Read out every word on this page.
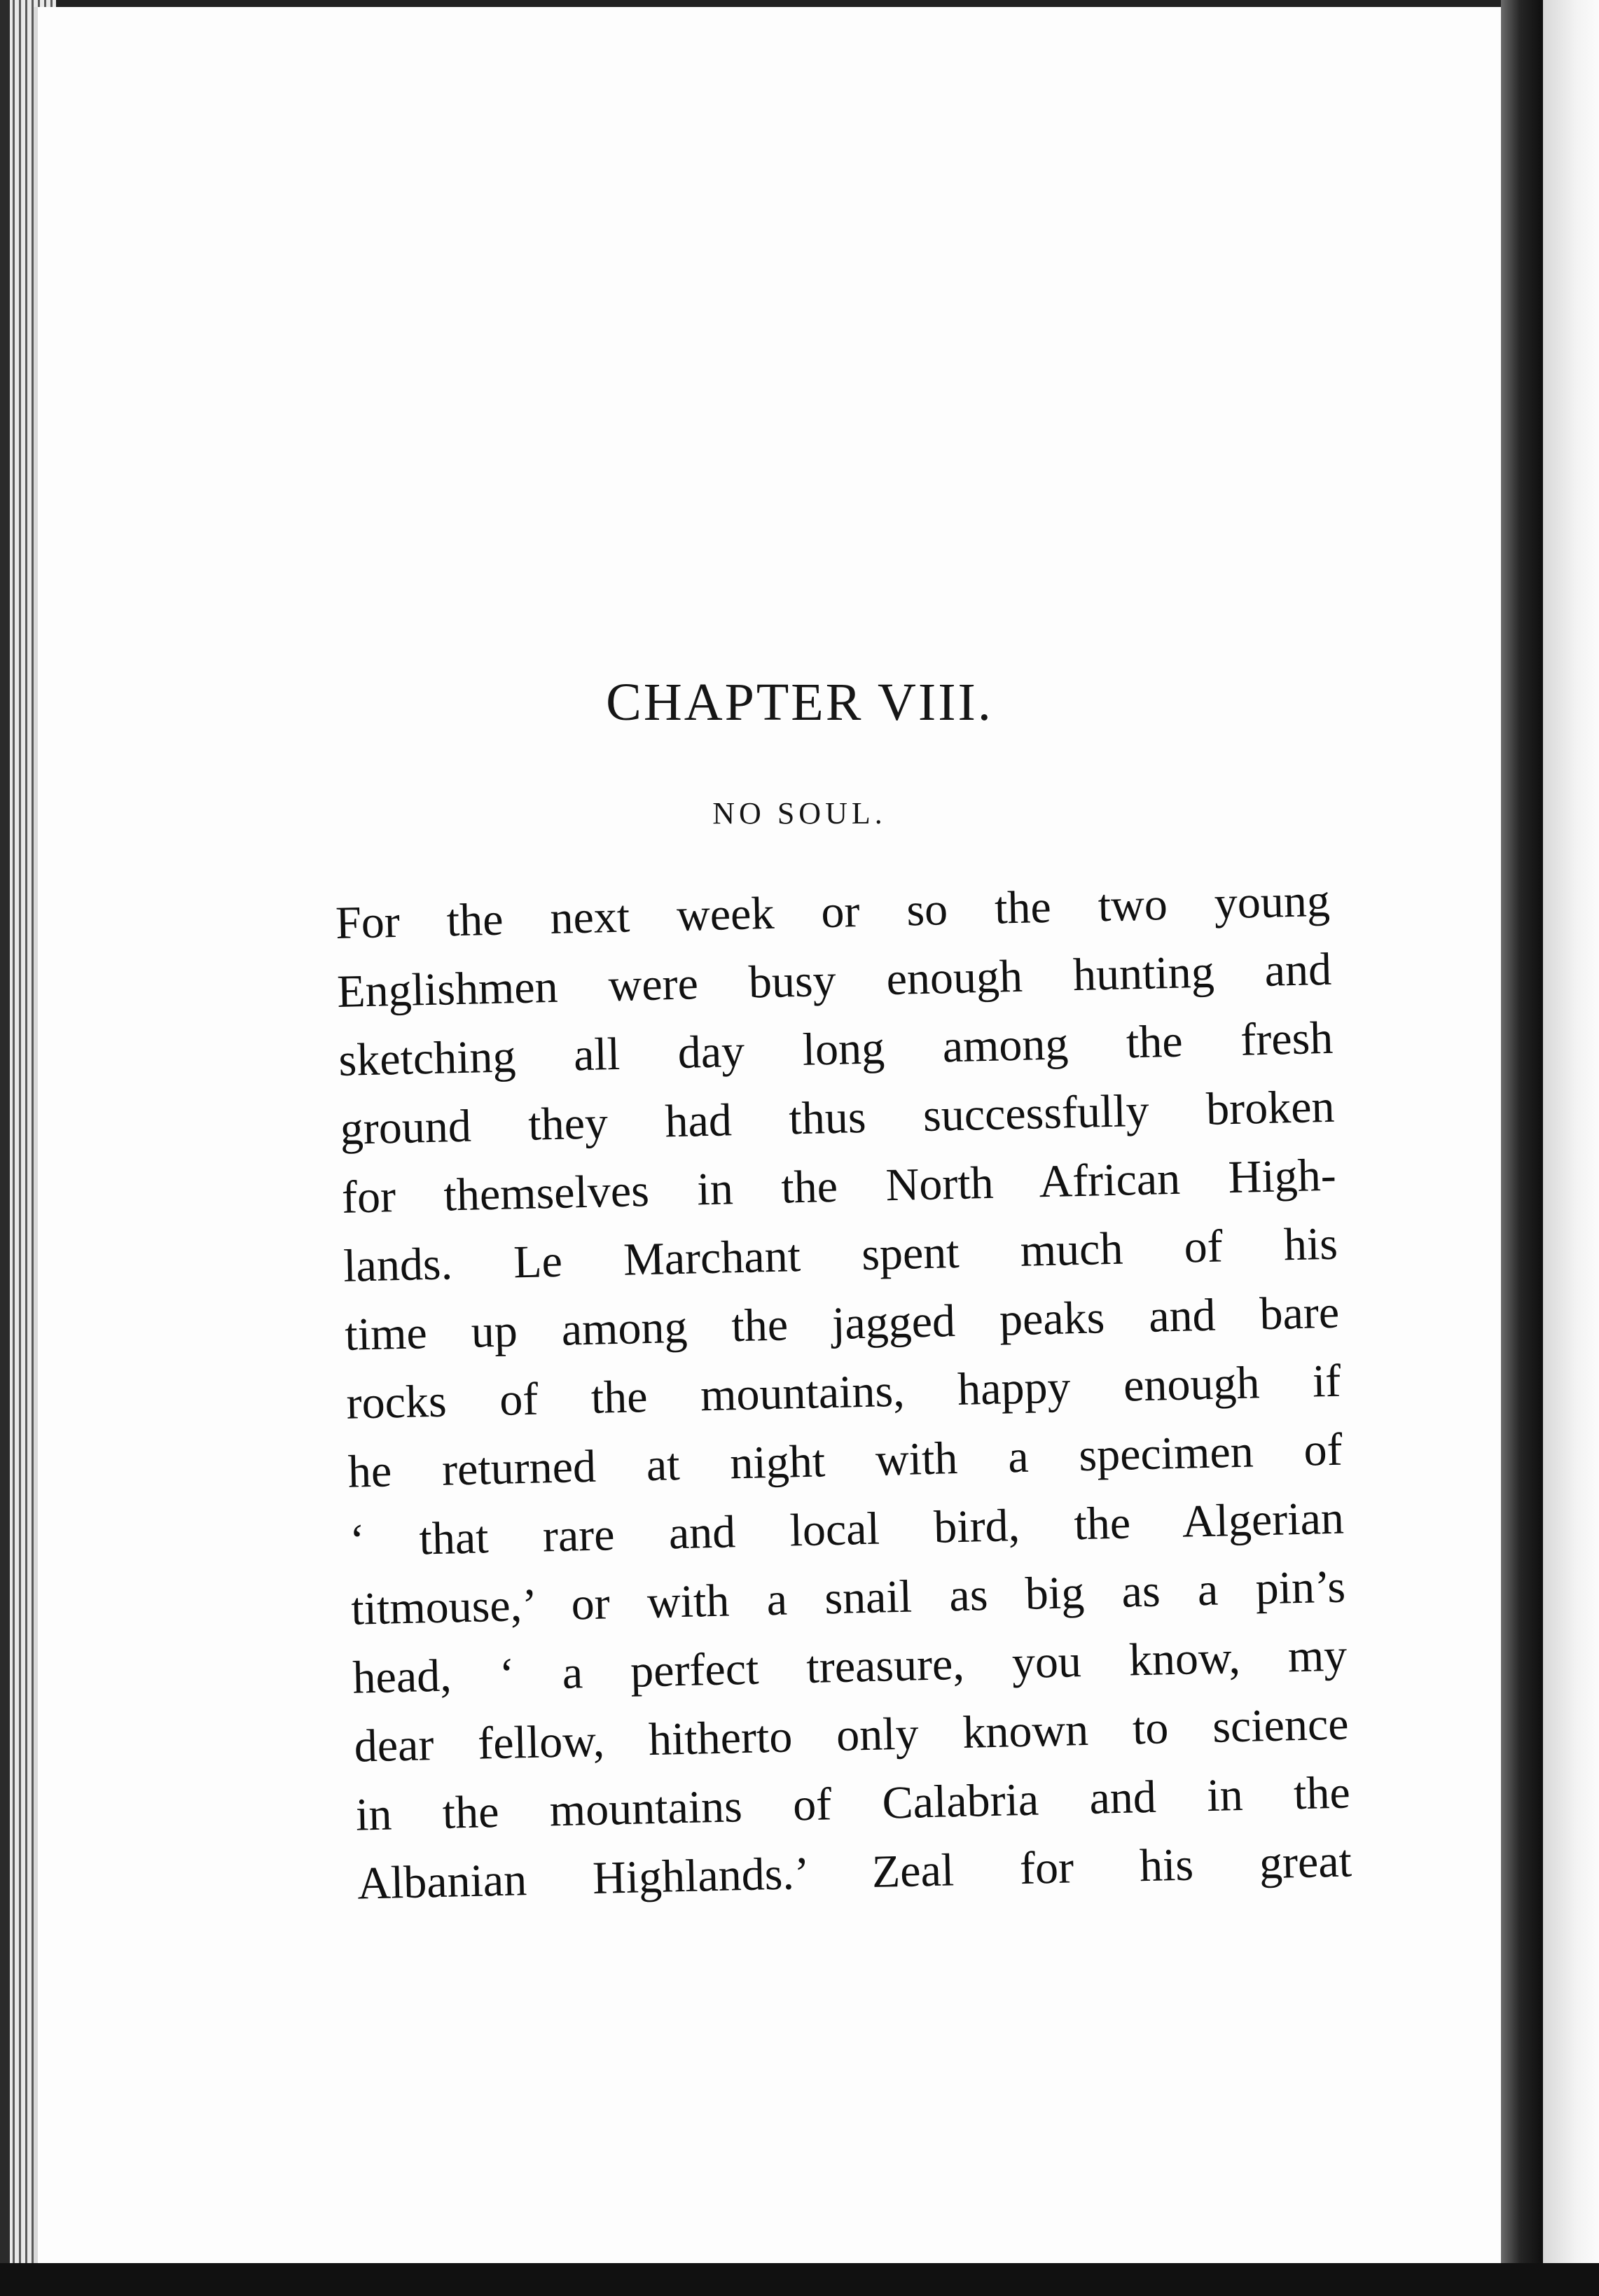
CHAPTER VIII.
NO SOUL.
For the next week or so the two young
Englishmen were busy enough hunting and
sketching all day long among the fresh
ground they had thus successfully broken
for themselves in the North African High-
lands. Le Marchant spent much of his
time up among the jagged peaks and bare
rocks of the mountains, happy enough if
he returned at night with a specimen of
‘ that rare and local bird, the Algerian
titmouse,’ or with a snail as big as a pin’s
head, ‘ a perfect treasure, you know, my
dear fellow, hitherto only known to science
in the mountains of Calabria and in the
Albanian Highlands.’ Zeal for his great
